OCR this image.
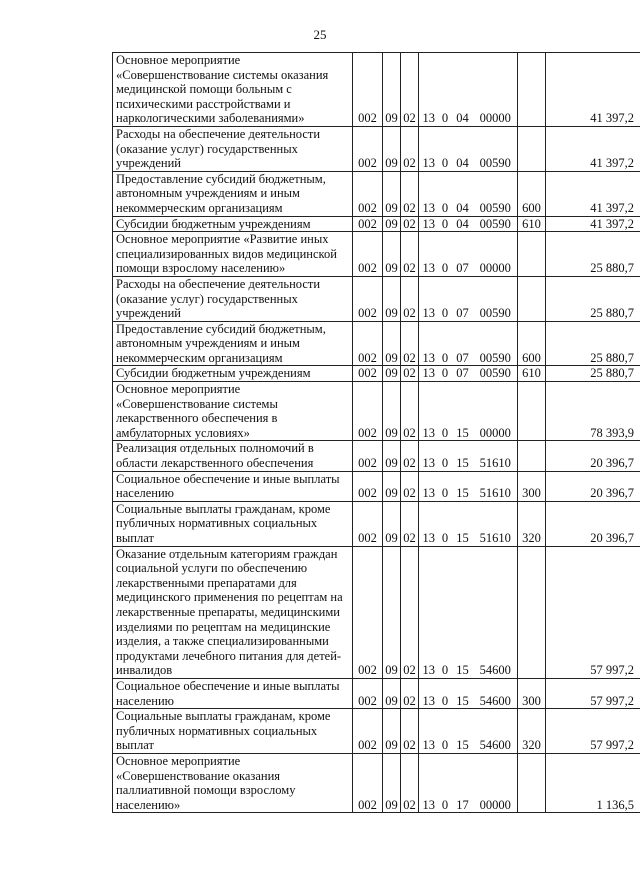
25
Основное мероприятие «Совершенствование системы оказания медицинской помощи больным с психическими расстройствами и наркологическими заболеваниями»	002	09	02	13	0	04	00000		41 397,2
Расходы на обеспечение деятельности (оказание услуг) государственных учреждений	002	09	02	13	0	04	00590		41 397,2
Предоставление субсидий бюджетным, автономным учреждениям и иным некоммерческим организациям	002	09	02	13	0	04	00590	600	41 397,2
Субсидии бюджетным учреждениям	002	09	02	13	0	04	00590	610	41 397,2
Основное мероприятие «Развитие иных специализированных видов медицинской помощи взрослому населению»	002	09	02	13	0	07	00000		25 880,7
Расходы на обеспечение деятельности (оказание услуг) государственных учреждений	002	09	02	13	0	07	00590		25 880,7
Предоставление субсидий бюджетным, автономным учреждениям и иным некоммерческим организациям	002	09	02	13	0	07	00590	600	25 880,7
Субсидии бюджетным учреждениям	002	09	02	13	0	07	00590	610	25 880,7
Основное мероприятие «Совершенствование системы лекарственного обеспечения в амбулаторных условиях»	002	09	02	13	0	15	00000		78 393,9
Реализация отдельных полномочий в области лекарственного обеспечения	002	09	02	13	0	15	51610		20 396,7
Социальное обеспечение и иные выплаты населению	002	09	02	13	0	15	51610	300	20 396,7
Социальные выплаты гражданам, кроме публичных нормативных социальных выплат	002	09	02	13	0	15	51610	320	20 396,7
Оказание отдельным категориям граждан социальной услуги по обеспечению лекарственными препаратами для медицинского применения по рецептам на лекарственные препараты, медицинскими изделиями по рецептам на медицинские изделия, а также специализированными продуктами лечебного питания для детей-инвалидов	002	09	02	13	0	15	54600		57 997,2
Социальное обеспечение и иные выплаты населению	002	09	02	13	0	15	54600	300	57 997,2
Социальные выплаты гражданам, кроме публичных нормативных социальных выплат	002	09	02	13	0	15	54600	320	57 997,2
Основное мероприятие «Совершенствование оказания паллиативной помощи взрослому населению»	002	09	02	13	0	17	00000		1 136,5
